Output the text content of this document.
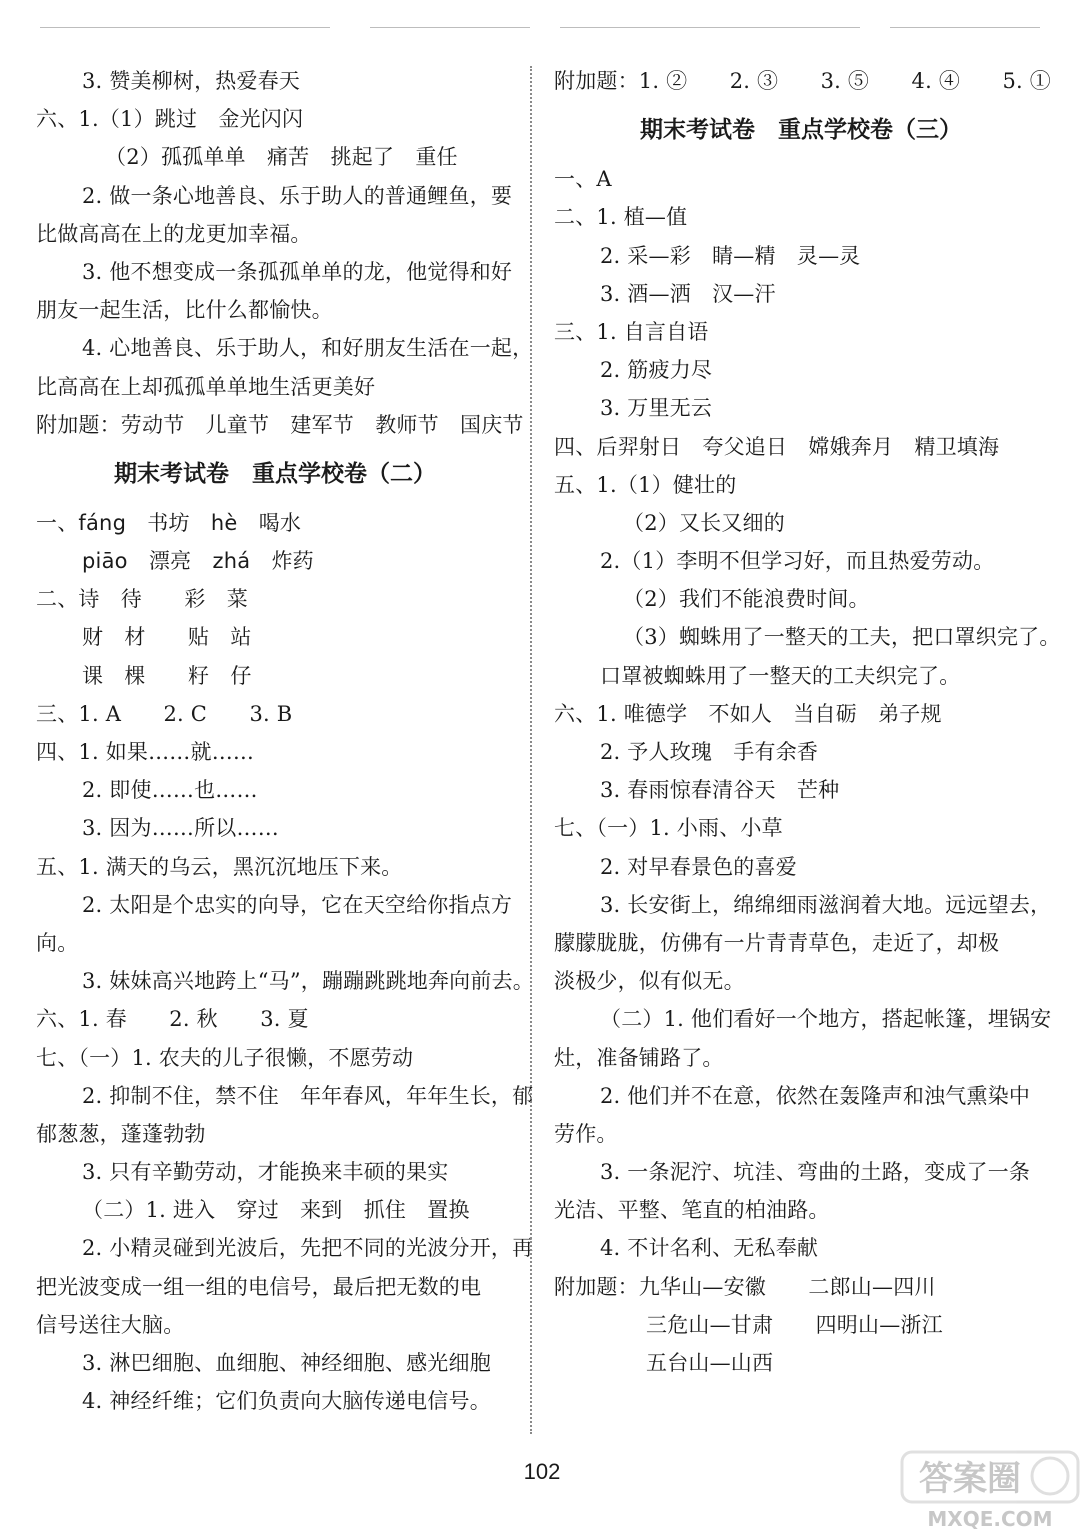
3. 赞美柳树，热爱春天
六、1.（1）跳过　金光闪闪
（2）孤孤单单　痛苦　挑起了　重任
2. 做一条心地善良、乐于助人的普通鲤鱼，要
比做高高在上的龙更加幸福。
3. 他不想变成一条孤孤单单的龙，他觉得和好
朋友一起生活，比什么都愉快。
4. 心地善良、乐于助人，和好朋友生活在一起，
比高高在上却孤孤单单地生活更美好
附加题：劳动节　儿童节　建军节　教师节　国庆节
期末考试卷　重点学校卷（二）
一、fáng　书坊　hè　喝水
piāo　漂亮　zhá　炸药
二、诗　待　　彩　菜
财　材　　贴　站
课　棵　　籽　仔
三、1. A　　2. C　　3. B
四、1. 如果……就……
2. 即使……也……
3. 因为……所以……
五、1. 满天的乌云，黑沉沉地压下来。
2. 太阳是个忠实的向导，它在天空给你指点方
向。
3. 妹妹高兴地跨上“马”，蹦蹦跳跳地奔向前去。
六、1. 春　　2. 秋　　3. 夏
七、（一）1. 农夫的儿子很懒，不愿劳动
2. 抑制不住，禁不住　年年春风，年年生长，郁
郁葱葱，蓬蓬勃勃
3. 只有辛勤劳动，才能换来丰硕的果实
（二）1. 进入　穿过　来到　抓住　置换
2. 小精灵碰到光波后，先把不同的光波分开，再
把光波变成一组一组的电信号，最后把无数的电
信号送往大脑。
3. 淋巴细胞、血细胞、神经细胞、感光细胞
4. 神经纤维；它们负责向大脑传递电信号。
附加题：1. ②　　2. ③　　3. ⑤　　4. ④　　5. ①
期末考试卷　重点学校卷（三）
一、A
二、1. 植—值
2. 采—彩　睛—精　灵—灵
3. 酒—洒　汉—汗
三、1. 自言自语
2. 筋疲力尽
3. 万里无云
四、后羿射日　夸父追日　嫦娥奔月　精卫填海
五、1.（1）健壮的
（2）又长又细的
2.（1）李明不但学习好，而且热爱劳动。
（2）我们不能浪费时间。
（3）蜘蛛用了一整天的工夫，把口罩织完了。
口罩被蜘蛛用了一整天的工夫织完了。
六、1. 唯德学　不如人　当自砺　弟子规
2. 予人玫瑰　手有余香
3. 春雨惊春清谷天　芒种
七、（一）1. 小雨、小草
2. 对早春景色的喜爱
3. 长安街上，绵绵细雨滋润着大地。远远望去，
朦朦胧胧，仿佛有一片青青草色，走近了，却极
淡极少，似有似无。
（二）1. 他们看好一个地方，搭起帐篷，埋锅安
灶，准备铺路了。
2. 他们并不在意，依然在轰隆声和浊气熏染中
劳作。
3. 一条泥泞、坑洼、弯曲的土路，变成了一条
光洁、平整、笔直的柏油路。
4. 不计名利、无私奉献
附加题：九华山—安徽　　二郎山—四川
三危山—甘肃　　四明山—浙江
五台山—山西
102	答案圈
MXQE.COM
